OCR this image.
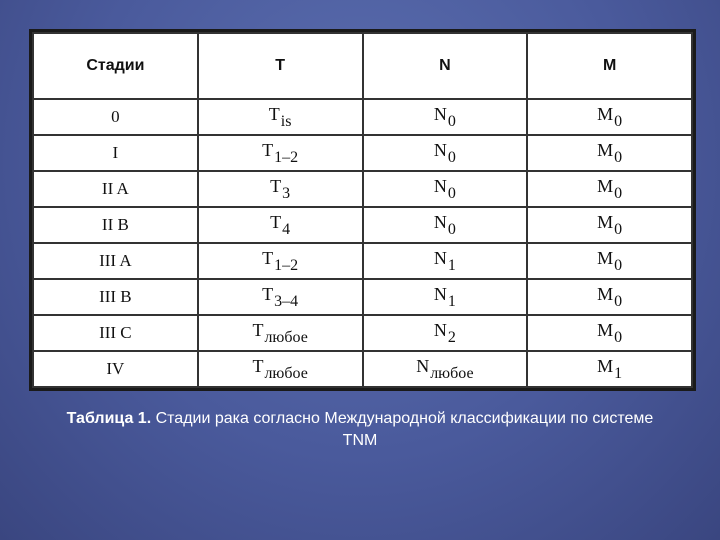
Стадии	T	N	M
0	Tis	N0	M0
I	T1–2	N0	M0
II A	T3	N0	M0
II B	T4	N0	M0
III A	T1–2	N1	M0
III B	T3–4	N1	M0
III C	Tлюбое	N2	M0
IV	Tлюбое	Nлюбое	M1
Таблица 1. Стадии рака согласно Международной классификации по системе TNM
